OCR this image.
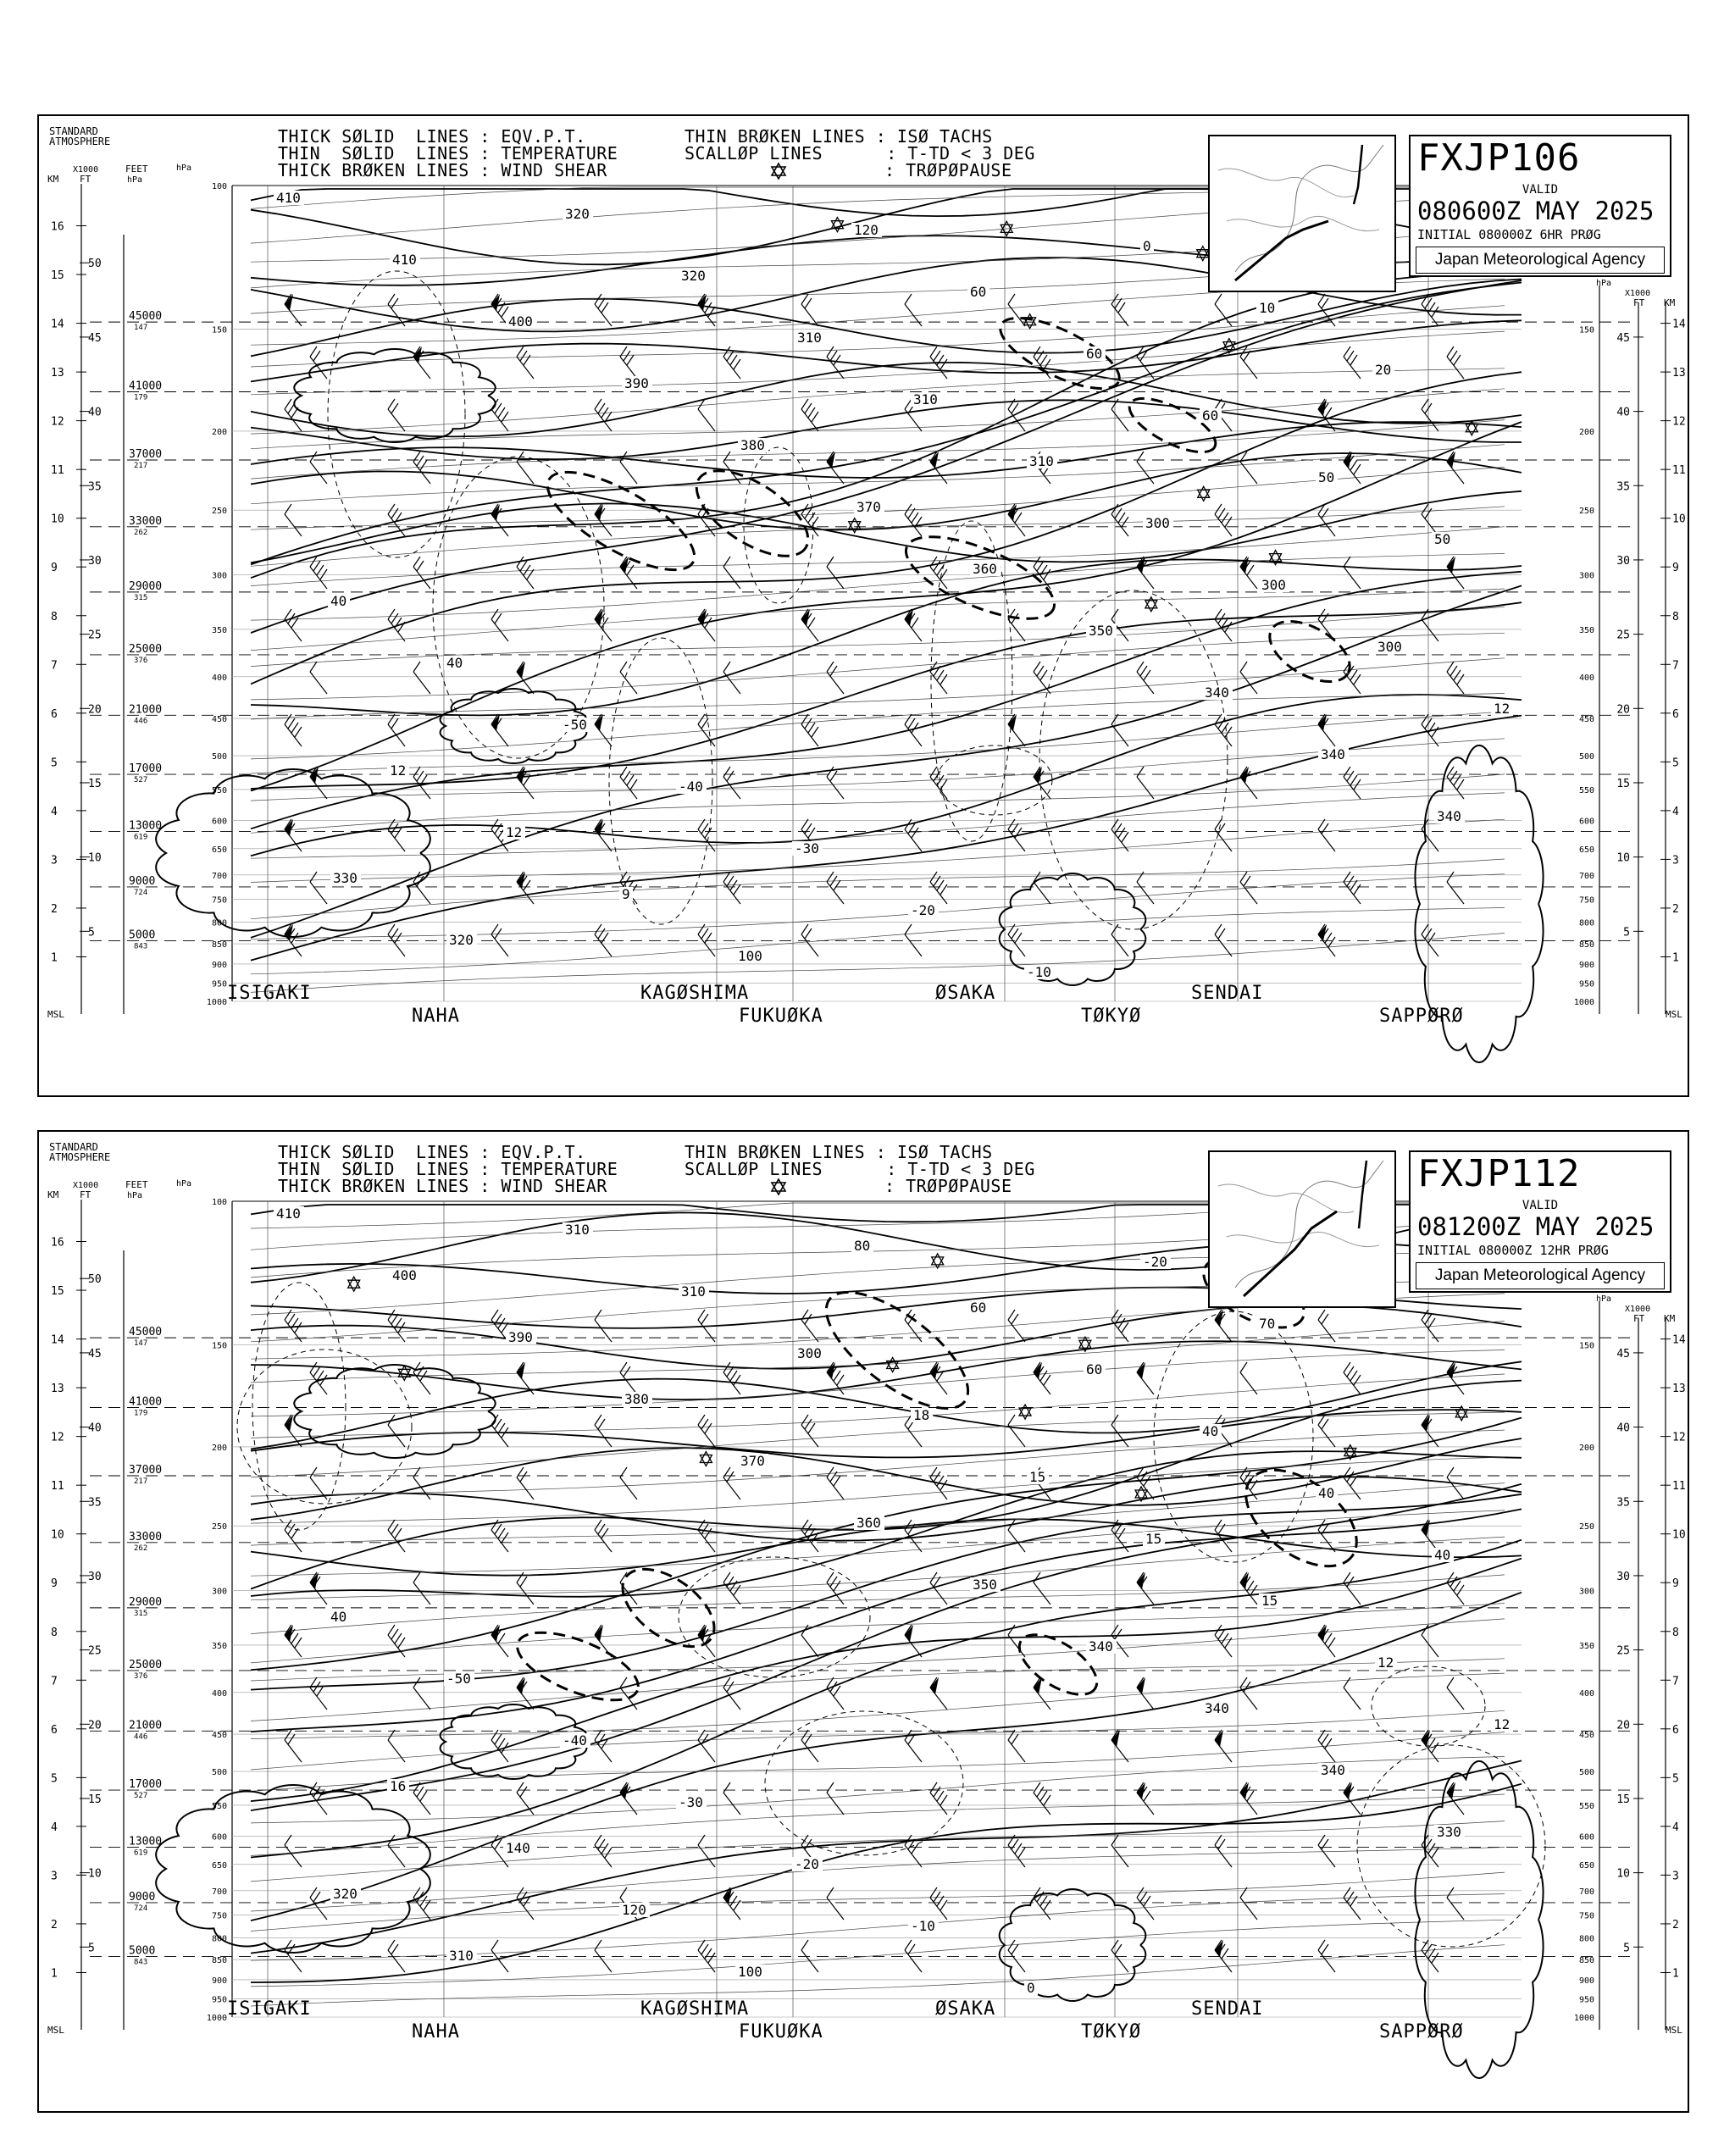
KM
X1000
FT
FEET
hPa
hPa
MSL
hPa
X1000
FT KM
MSL
100
150	150
200	200
250	250
300	300
350	350
400	400
450	450
500	500
550	550
600	600
650	650
700	700
750	750
800	800
850	850
900	900
950	950
1000	1000
1	1
2	2
3	3
4	4
5	5
6	6
7	7
8	8
9	9
10	10
11	11
12	12
13	13
14	14
15
16
5	5
10	10
15	15
20	20
25	25
30	30
35	35
40	40
45	45
50
45000
147
41000
179
37000
217
33000
262
29000
315
25000
376
21000
446
17000
527
13000
619
9000
724
5000
843
410
410
400
390
380
370
360
350
340
340
340
330
320
320
320
310
310
310
300
300
300
12
12
12
9
100
120
60
60
60
50
50
40
40
-50
-40
-30
-20
-10
0
10
20
STANDARD
ATMOSPHERE	THICK SØLID  LINES : EQV.P.T.
THIN  SØLID  LINES : TEMPERATURE
THICK BRØKEN LINES : WIND SHEAR
THIN BRØKEN LINES : ISØ TACHS
SCALLØP LINES      : T-TD < 3 DEG
: TRØPØPAUSE	FXJP106
VALID
080600Z MAY 2025
INITIAL 080000Z 6HR PRØG
Japan Meteorological Agency
ISIGAKI
NAHA
KAGØSHIMA
FUKUØKA
ØSAKA
TØKYØ
SENDAI
SAPPØRØ
KM
X1000
FT
FEET
hPa
hPa
MSL
hPa
X1000
FT KM
MSL
100
150	150
200	200
250	250
300	300
350	350
400	400
450	450
500	500
550	550
600	600
650	650
700	700
750	750
800	800
850	850
900	900
950	950
1000	1000
1	1
2	2
3	3
4	4
5	5
6	6
7	7
8	8
9	9
10	10
11	11
12	12
13	13
14	14
15
16
5	5
10	10
15	15
20	20
25	25
30	30
35	35
40	40
45	45
50
45000
147
41000
179
37000
217
33000
262
29000
315
25000
376
21000
446
17000
527
13000
619
9000
724
5000
843
410
400
390
380
370
360
350
340
340
340
330
320
310
310
310
300
18
15
15
15
12
12
16
140
120
100
80
60
60
40
40
40
40
-50
-40
-30
-20
-10
0
-20
70
STANDARD
ATMOSPHERE	THICK SØLID  LINES : EQV.P.T.
THIN  SØLID  LINES : TEMPERATURE
THICK BRØKEN LINES : WIND SHEAR
THIN BRØKEN LINES : ISØ TACHS
SCALLØP LINES      : T-TD < 3 DEG
: TRØPØPAUSE	FXJP112
VALID
081200Z MAY 2025
INITIAL 080000Z 12HR PRØG
Japan Meteorological Agency
ISIGAKI
NAHA
KAGØSHIMA
FUKUØKA
ØSAKA
TØKYØ
SENDAI
SAPPØRØ
